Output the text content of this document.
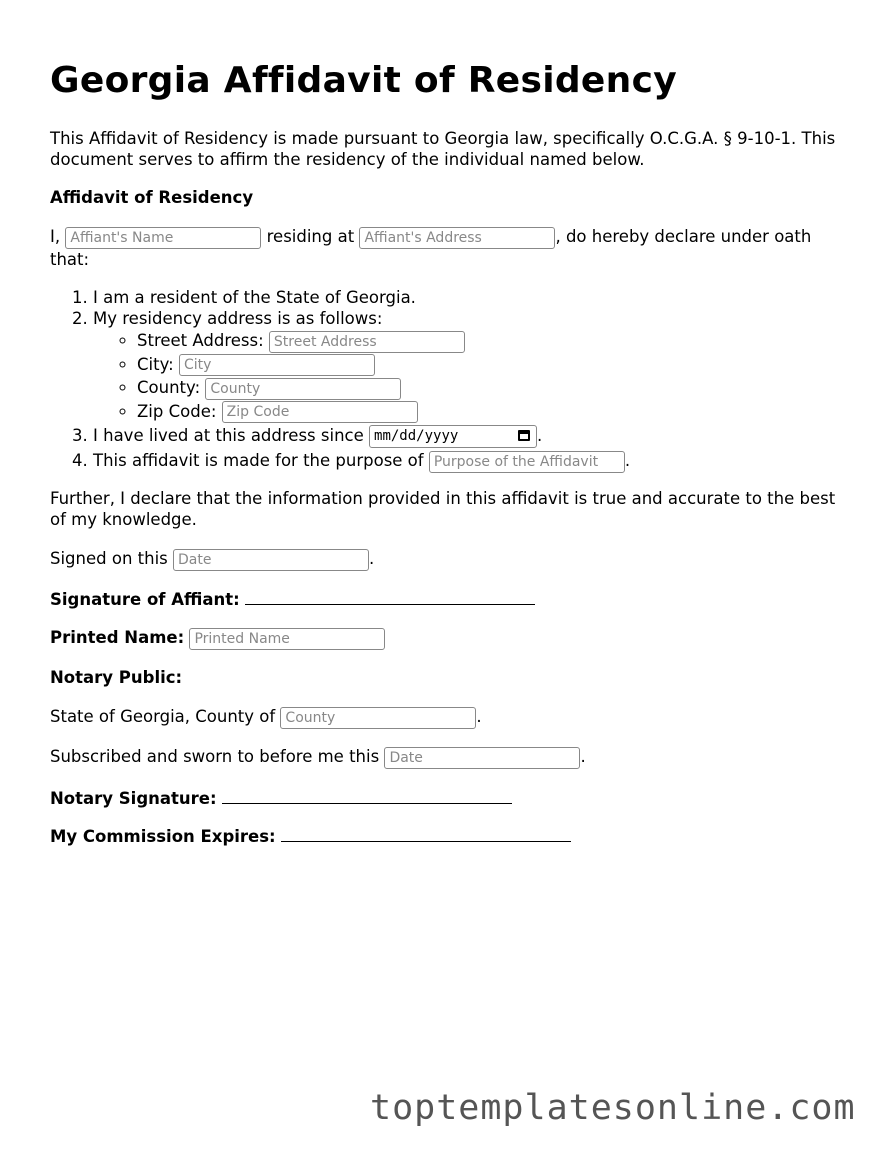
Georgia Affidavit of Residency

This Affidavit of Residency is made pursuant to Georgia law, specifically O.C.G.A. § 9-10-1. This document serves to affirm the residency of the individual named below.

Affidavit of Residency

I, Affiant's Name	residing at Affiant's Address	, do hereby declare under oath

that:

1. I am a resident of the State of Georgia.
2. My residency address is as follows:
◦ Street Address: Street Address
◦ City: City
◦ County: County
◦ Zip Code: Zip Code
3. I have lived at this address since mm/dd/yyyy	.
4. This affidavit is made for the purpose of Purpose of the Affidavit	.

Further, I declare that the information provided in this affidavit is true and accurate to the best of my knowledge.

Signed on this Date	.

Signature of Affiant:

Printed Name: Printed Name

Notary Public:

State of Georgia, County of County	.

Subscribed and sworn to before me this Date	.

Notary Signature:

My Commission Expires:

toptemplatesonline.com
